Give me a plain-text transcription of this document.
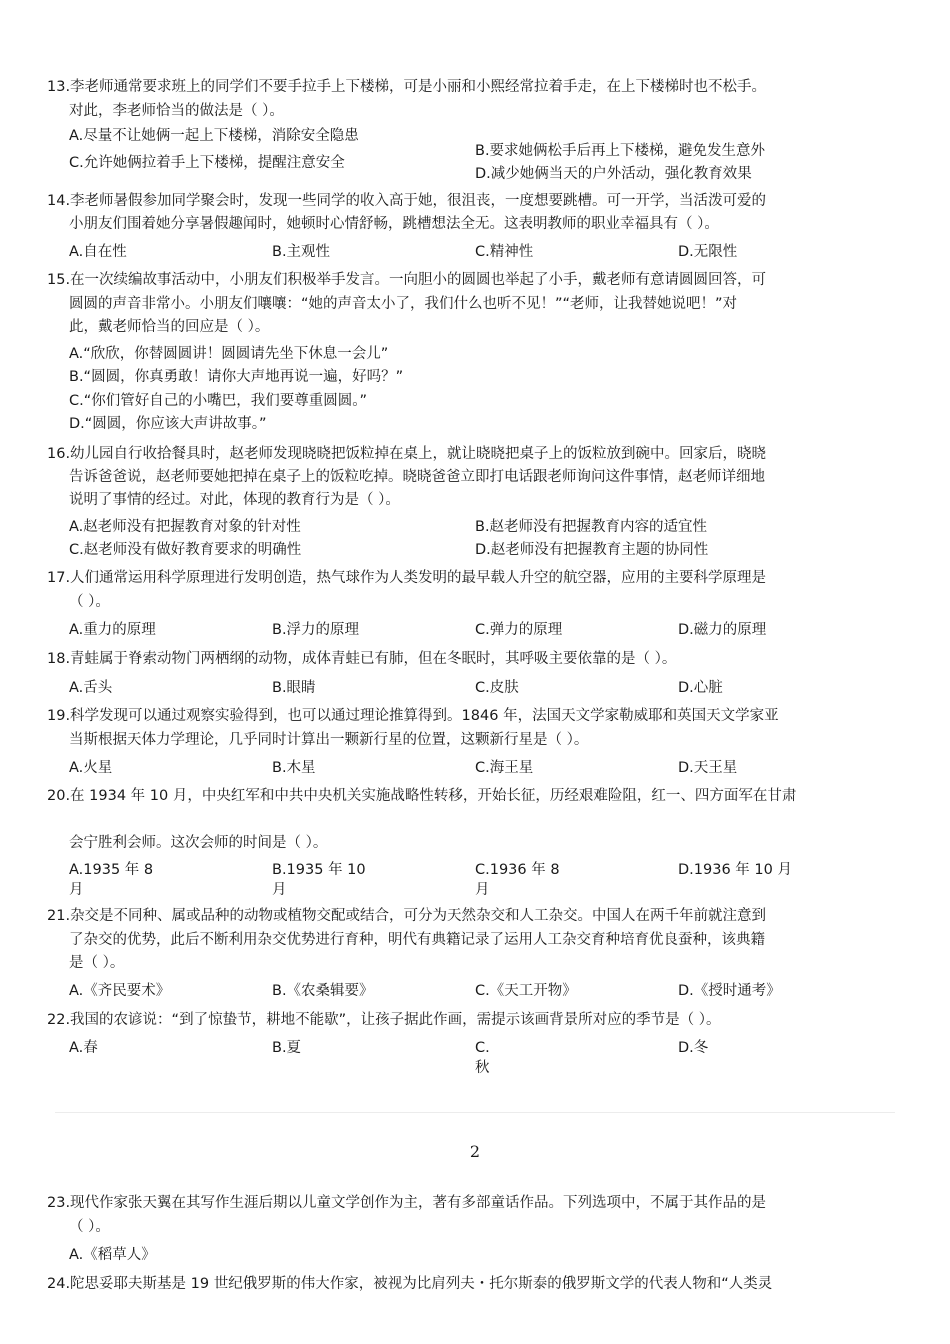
13.李老师通常要求班上的同学们不要手拉手上下楼梯，可是小丽和小熙经常拉着手走，在上下楼梯时也不松手。
对此，李老师恰当的做法是（ ）。
A.尽量不让她俩一起上下楼梯，消除安全隐患
B.要求她俩松手后再上下楼梯，避免发生意外
C.允许她俩拉着手上下楼梯，提醒注意安全
D.减少她俩当天的户外活动，强化教育效果
14.李老师暑假参加同学聚会时，发现一些同学的收入高于她，很沮丧，一度想要跳槽。可一开学，当活泼可爱的
小朋友们围着她分享暑假趣闻时，她顿时心情舒畅，跳槽想法全无。这表明教师的职业幸福具有（ ）。
A.自在性	B.主观性	C.精神性	D.无限性
15.在一次续编故事活动中，小朋友们积极举手发言。一向胆小的圆圆也举起了小手，戴老师有意请圆圆回答，可
圆圆的声音非常小。小朋友们嚷嚷：“她的声音太小了，我们什么也听不见！”“老师，让我替她说吧！”对
此，戴老师恰当的回应是（ ）。
A.“欣欣，你替圆圆讲！圆圆请先坐下休息一会儿”
B.“圆圆，你真勇敢！请你大声地再说一遍，好吗？”
C.“你们管好自己的小嘴巴，我们要尊重圆圆。”
D.“圆圆，你应该大声讲故事。”
16.幼儿园自行收拾餐具时，赵老师发现晓晓把饭粒掉在桌上，就让晓晓把桌子上的饭粒放到碗中。回家后，晓晓
告诉爸爸说，赵老师要她把掉在桌子上的饭粒吃掉。晓晓爸爸立即打电话跟老师询问这件事情，赵老师详细地
说明了事情的经过。对此，体现的教育行为是（ ）。
A.赵老师没有把握教育对象的针对性	B.赵老师没有把握教育内容的适宜性
C.赵老师没有做好教育要求的明确性	D.赵老师没有把握教育主题的协同性
17.人们通常运用科学原理进行发明创造，热气球作为人类发明的最早载人升空的航空器，应用的主要科学原理是
（ ）。
A.重力的原理	B.浮力的原理	C.弹力的原理	D.磁力的原理
18.青蛙属于脊索动物门两栖纲的动物，成体青蛙已有肺，但在冬眠时，其呼吸主要依靠的是（ ）。
A.舌头	B.眼睛	C.皮肤	D.心脏
19.科学发现可以通过观察实验得到，也可以通过理论推算得到。1846 年，法国天文学家勒威耶和英国天文学家亚
当斯根据天体力学理论，几乎同时计算出一颗新行星的位置，这颗新行星是（ ）。
A.火星	B.木星	C.海王星	D.天王星
20.在 1934 年 10 月，中央红军和中共中央机关实施战略性转移，开始长征，历经艰难险阻，红一、四方面军在甘肃
会宁胜利会师。这次会师的时间是（ ）。
A.1935 年 8
月
B.1935 年 10
月
C.1936 年 8
月
D.1936 年 10 月
21.杂交是不同种、属或品种的动物或植物交配或结合，可分为天然杂交和人工杂交。中国人在两千年前就注意到
了杂交的优势，此后不断利用杂交优势进行育种，明代有典籍记录了运用人工杂交育种培育优良蚕种，该典籍
是（ ）。
A.《齐民要术》	B.《农桑辑要》	C.《天工开物》	D.《授时通考》
22.我国的农谚说：“到了惊蛰节，耕地不能歇”，让孩子据此作画，需提示该画背景所对应的季节是（ ）。
A.春	B.夏	C.
秋
D.冬
2
23.现代作家张天翼在其写作生涯后期以儿童文学创作为主，著有多部童话作品。下列选项中，不属于其作品的是
（ ）。
A.《稻草人》
24.陀思妥耶夫斯基是 19 世纪俄罗斯的伟大作家，被视为比肩列夫・托尔斯泰的俄罗斯文学的代表人物和“人类灵
